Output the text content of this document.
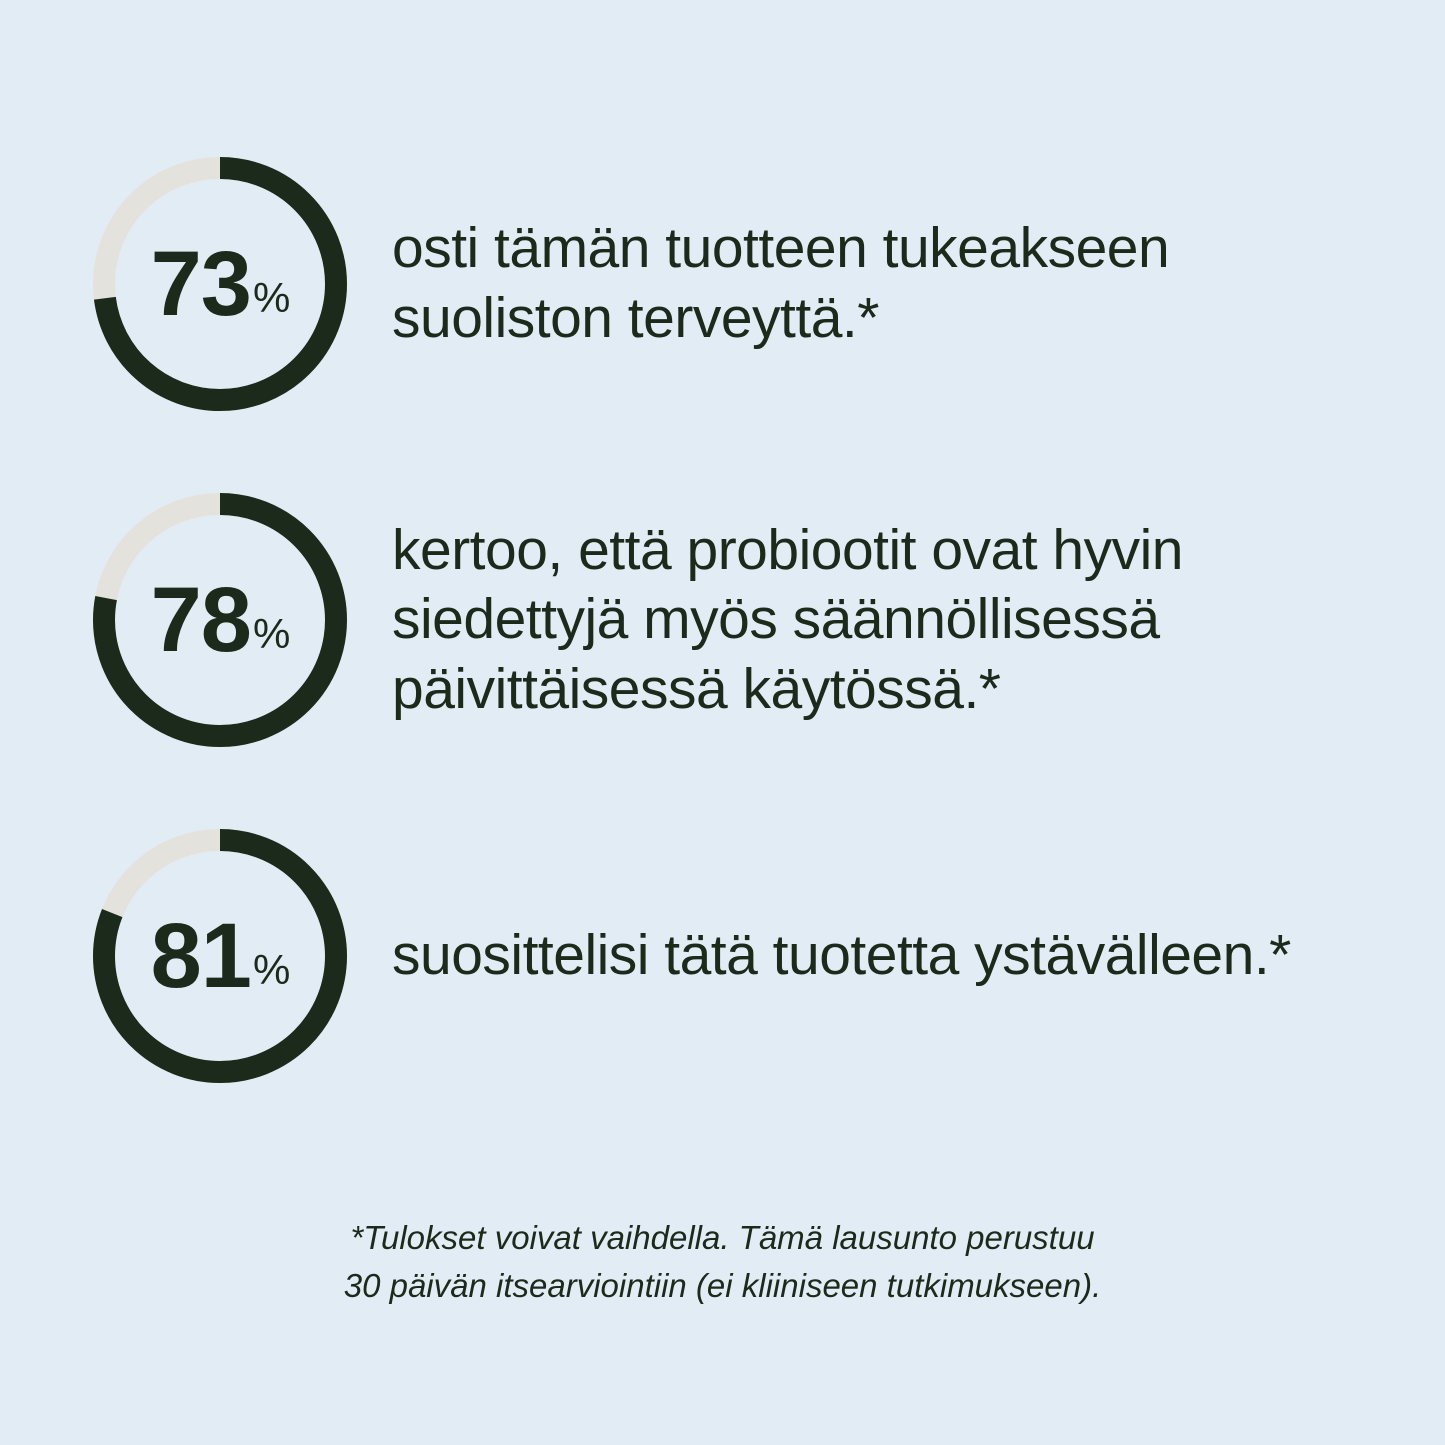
73 %
osti tämän tuotteen tukeakseen suoliston terveyttä.*
78 %
kertoo, että probiootit ovat hyvin siedettyjä myös säännöllisessä päivittäisessä käytössä.*
81 % suosittelisi tätä tuotetta ystävälleen.*
*Tulokset voivat vaihdella. Tämä lausunto perustuu
30 päivän itsearviointiin (ei kliiniseen tutkimukseen).
